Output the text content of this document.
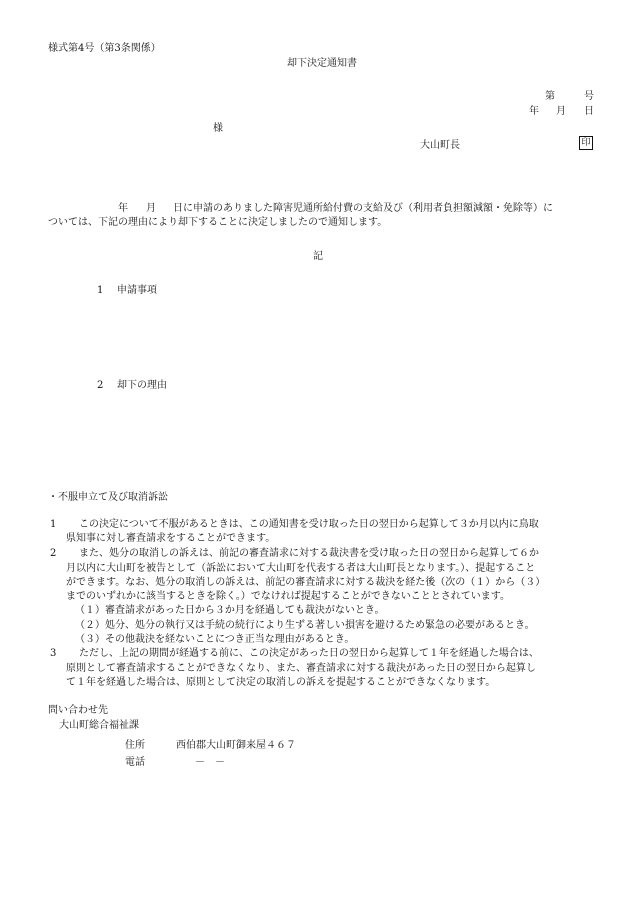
様式第4号（第3条関係）
却下決定通知書
第	号
年 月 日
様
大山町長	印
年 月 日に申請のありました障害児通所給付費の支給及び（利用者負担額減額・免除等）に
ついては、下記の理由により却下することに決定しましたので通知します。
記
1 申請事項
2 却下の理由
・不服申立て及び取消訴訟
1 この決定について不服があるときは、この通知書を受け取った日の翌日から起算して３か月以内に鳥取
県知事に対し審査請求をすることができます。
2 また、処分の取消しの訴えは、前記の審査請求に対する裁決書を受け取った日の翌日から起算して６か
月以内に大山町を被告として（訴訟において大山町を代表する者は大山町長となります。）、提起すること
ができます。なお、処分の取消しの訴えは、前記の審査請求に対する裁決を経た後（次の（１）から（３）
までのいずれかに該当するときを除く。）でなければ提起することができないこととされています。
（１）審査請求があった日から３か月を経過しても裁決がないとき。
（２）処分、処分の執行又は手続の続行により生ずる著しい損害を避けるため緊急の必要があるとき。
（３）その他裁決を経ないことにつき正当な理由があるとき。
3 ただし、上記の期間が経過する前に、この決定があった日の翌日から起算して１年を経過した場合は、
原則として審査請求することができなくなり、また、審査請求に対する裁決があった日の翌日から起算し
て１年を経過した場合は、原則として決定の取消しの訴えを提起することができなくなります。
問い合わせ先
大山町総合福祉課
住所	西伯郡大山町御来屋４６７
電話	－　－
